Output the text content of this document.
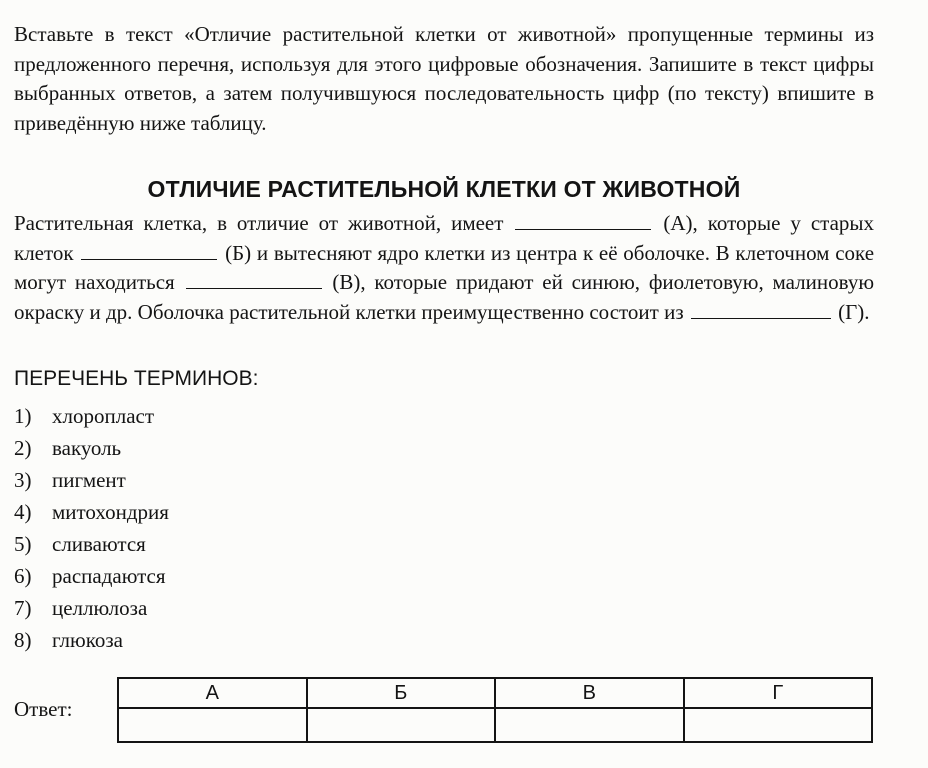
Вставьте в текст «Отличие растительной клетки от животной» пропущенные термины из предложенного перечня, используя для этого цифровые обозначения. Запишите в текст цифры выбранных ответов, а затем получившуюся последовательность цифр (по тексту) впишите в приведённую ниже таблицу.
ОТЛИЧИЕ РАСТИТЕЛЬНОЙ КЛЕТКИ ОТ ЖИВОТНОЙ
Растительная клетка, в отличие от животной, имеет	(А), которые у старых клеток	(Б) и вытесняют ядро клетки из центра к её оболочке. В клеточном соке могут находиться	(В), которые придают ей синюю, фиолетовую, малиновую окраску и др. Оболочка растительной клетки преимущественно состоит из	(Г).
ПЕРЕЧЕНЬ ТЕРМИНОВ:
1) хлоропласт
2) вакуоль
3) пигмент
4) митохондрия
5) сливаются
6) распадаются
7) целлюлоза
8) глюкоза
Ответ:
А	Б	В	Г
